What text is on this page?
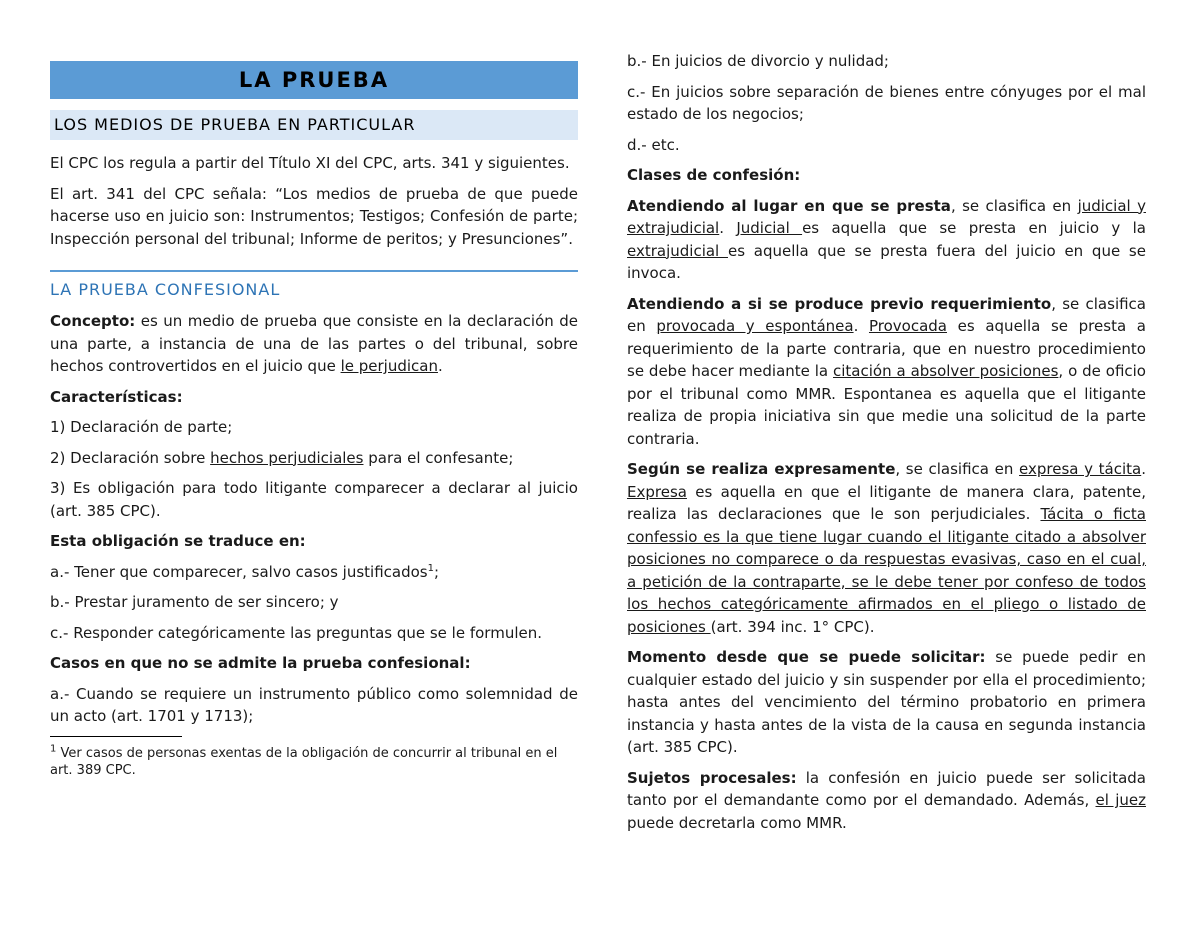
LA PRUEBA
LOS MEDIOS DE PRUEBA EN PARTICULAR

El CPC los regula a partir del Título XI del CPC, arts. 341 y siguientes.

El art. 341 del CPC señala: “Los medios de prueba de que puede hacerse uso en juicio son: Instrumentos; Testigos; Confesión de parte; Inspección personal del tribunal; Informe de peritos; y Presunciones”.

LA PRUEBA CONFESIONAL

Concepto: es un medio de prueba que consiste en la declaración de una parte, a instancia de una de las partes o del tribunal, sobre hechos controvertidos en el juicio que le perjudican.

Características:

1) Declaración de parte;

2) Declaración sobre hechos perjudiciales para el confesante;

3) Es obligación para todo litigante comparecer a declarar al juicio (art. 385 CPC).

Esta obligación se traduce en:

a.- Tener que comparecer, salvo casos justificados$^1$;

b.- Prestar juramento de ser sincero; y

c.- Responder categóricamente las preguntas que se le formulen.

Casos en que no se admite la prueba confesional:

a.- Cuando se requiere un instrumento público como solemnidad de un acto (art. 1701 y 1713);

$^1$ Ver casos de personas exentas de la obligación de concurrir al tribunal en el art. 389 CPC.

b.- En juicios de divorcio y nulidad;

c.- En juicios sobre separación de bienes entre cónyuges por el mal estado de los negocios;

d.- etc.

Clases de confesión:

Atendiendo al lugar en que se presta, se clasifica en judicial y extrajudicial. Judicial es aquella que se presta en juicio y la extrajudicial es aquella que se presta fuera del juicio en que se invoca.

Atendiendo a si se produce previo requerimiento, se clasifica en provocada y espontánea. Provocada es aquella se presta a requerimiento de la parte contraria, que en nuestro procedimiento se debe hacer mediante la citación a absolver posiciones, o de oficio por el tribunal como MMR. Espontanea es aquella que el litigante realiza de propia iniciativa sin que medie una solicitud de la parte contraria.

Según se realiza expresamente, se clasifica en expresa y tácita. Expresa es aquella en que el litigante de manera clara, patente, realiza las declaraciones que le son perjudiciales. Tácita o ficta confessio es la que tiene lugar cuando el litigante citado a absolver posiciones no comparece o da respuestas evasivas, caso en el cual, a petición de la contraparte, se le debe tener por confeso de todos los hechos categóricamente afirmados en el pliego o listado de posiciones (art. 394 inc. 1° CPC).

Momento desde que se puede solicitar: se puede pedir en cualquier estado del juicio y sin suspender por ella el procedimiento; hasta antes del vencimiento del término probatorio en primera instancia y hasta antes de la vista de la causa en segunda instancia (art. 385 CPC).

Sujetos procesales: la confesión en juicio puede ser solicitada tanto por el demandante como por el demandado. Además, el juez puede decretarla como MMR.
